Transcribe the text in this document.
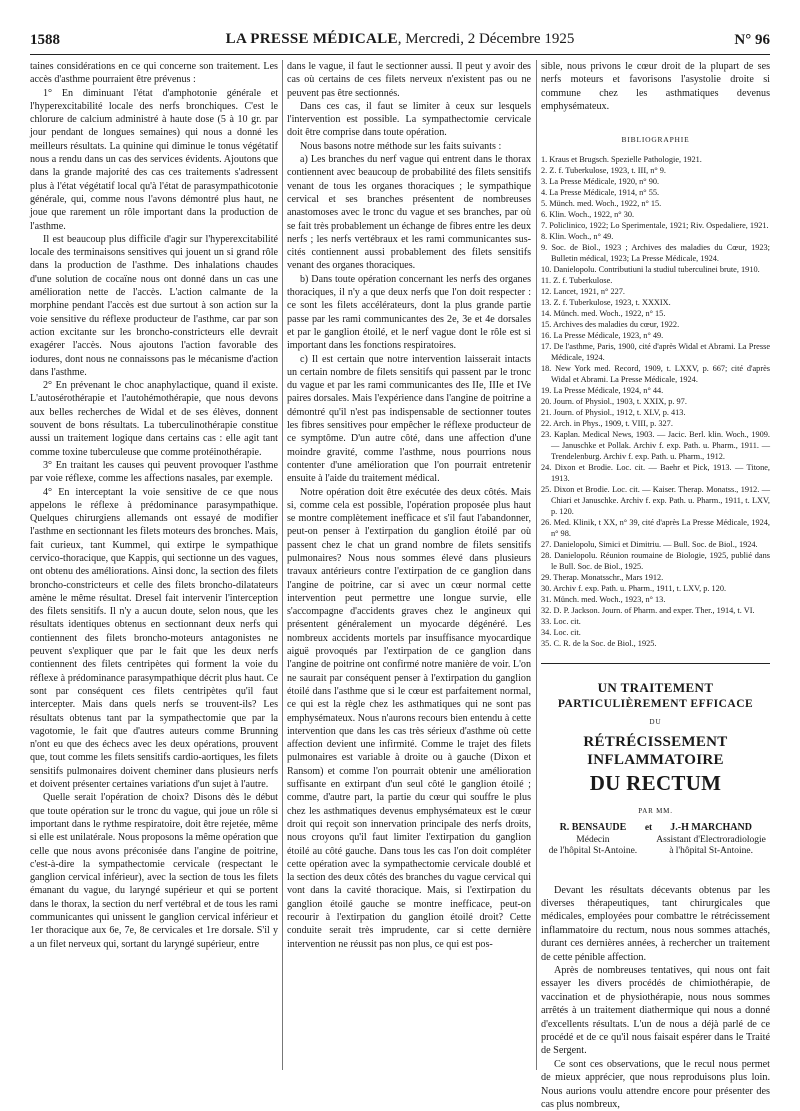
1588	LA PRESSE MÉDICALE, Mercredi, 2 Décembre 1925	N° 96

taines considérations en ce qui concerne son traitement. Les accès d'asthme pourraient être prévenus :

1° En diminuant l'état d'amphotonie générale et l'hyperexcitabilité locale des nerfs bronchiques. C'est le chlorure de calcium administré à haute dose (5 à 10 gr. par jour pendant de longues semaines) qui nous a donné les meilleurs résultats. La quinine qui diminue le tonus végétatif nous a rendu dans un cas des services évidents. Ajoutons que dans la grande majorité des cas ces traitements s'adressent plus à l'état végétatif local qu'à l'état de parasympathicotonie générale, qui, comme nous l'avons démontré plus haut, ne joue que rarement un rôle important dans la production de l'asthme.

Il est beaucoup plus difficile d'agir sur l'hyperexcitabilité locale des terminaisons sensitives qui jouent un si grand rôle dans la production de l'asthme. Des inhalations chaudes d'une solution de cocaïne nous ont donné dans un cas une amélioration nette de l'accès. L'action calmante de la morphine pendant l'accès est due surtout à son action sur la voie sensitive du réflexe producteur de l'asthme, car par son action excitante sur les broncho-constricteurs elle devrait exagérer l'accès. Nous ajoutons l'action favorable des iodures, dont nous ne connaissons pas le mécanisme d'action dans l'asthme.

2° En prévenant le choc anaphylactique, quand il existe. L'autosérothérapie et l'autohémothérapie, que nous devons aux belles recherches de Widal et de ses élèves, donnent souvent de bons résultats. La tuberculinothérapie constitue aussi un traitement logique dans certains cas : elle agit tant comme toxine tuberculeuse que comme protéinothérapie.

3° En traitant les causes qui peuvent provoquer l'asthme par voie réflexe, comme les affections nasales, par exemple.

4° En interceptant la voie sensitive de ce que nous appelons le réflexe à prédominance parasympathique. Quelques chirurgiens allemands ont essayé de modifier l'asthme en sectionnant les filets moteurs des bronches. Mais, fait curieux, tant Kummel, qui extirpe le sympathique cervico-thoracique, que Kappis, qui sectionne un des vagues, ont obtenu des améliorations. Ainsi donc, la section des filets broncho-constricteurs et celle des filets broncho-dilatateurs amène le même résultat. Dresel fait intervenir l'interception des filets sensitifs. Il n'y a aucun doute, selon nous, que les résultats identiques obtenus en sectionnant deux nerfs qui contiennent des filets broncho-moteurs antagonistes ne peuvent s'expliquer que par le fait que les deux nerfs contiennent des filets centripètes qui forment la voie du réflexe à prédominance parasympathique décrit plus haut. Ce sont par conséquent ces filets centripètes qu'il faut intercepter. Mais dans quels nerfs se trouvent-ils? Les résultats obtenus tant par la sympathectomie que par la vagotomie, le fait que d'autres auteurs comme Brunning n'ont eu que des échecs avec les deux opérations, prouvent que, tout comme les filets sensitifs cardio-aortiques, les filets sensitifs pulmonaires doivent cheminer dans plusieurs nerfs et doivent présenter certaines variations d'un sujet à l'autre.

Quelle serait l'opération de choix? Disons dès le début que toute opération sur le tronc du vague, qui joue un rôle si important dans le rythme respiratoire, doit être rejetée, même si elle est unilatérale. Nous proposons la même opération que celle que nous avons préconisée dans l'angine de poitrine, c'est-à-dire la sympathectomie cervicale (respectant le ganglion cervical inférieur), avec la section de tous les filets émanant du vague, du laryngé supérieur et qui se portent dans le thorax, la section du nerf vertébral et de tous les rami communicantes qui unissent le ganglion cervical inférieur et 1er thoracique aux 6e, 7e, 8e cervicales et 1re dorsale. S'il y a un filet nerveux qui, sortant du laryngé supérieur, entre

dans le vague, il faut le sectionner aussi. Il peut y avoir des cas où certains de ces filets nerveux n'existent pas ou ne peuvent pas être sectionnés.

Dans ces cas, il faut se limiter à ceux sur lesquels l'intervention est possible. La sympathectomie cervicale doit être comprise dans toute opération.

Nous basons notre méthode sur les faits suivants :

a) Les branches du nerf vague qui entrent dans le thorax contiennent avec beaucoup de probabilité des filets sensitifs venant de tous les organes thoraciques ; le sympathique cervical et ses branches présentent de nombreuses anastomoses avec le tronc du vague et ses branches, par où se fait très probablement un échange de fibres entre les deux nerfs ; les nerfs vertébraux et les rami communicantes sus-cités contiennent aussi probablement des filets sensitifs venant des organes thoraciques.

b) Dans toute opération concernant les nerfs des organes thoraciques, il n'y a que deux nerfs que l'on doit respecter : ce sont les filets accélérateurs, dont la plus grande partie passe par les rami communicantes des 2e, 3e et 4e dorsales et par le ganglion étoilé, et le nerf vague dont le rôle est si important dans les fonctions respiratoires.

c) Il est certain que notre intervention laisserait intacts un certain nombre de filets sensitifs qui passent par le tronc du vague et par les rami communicantes des IIe, IIIe et IVe paires dorsales. Mais l'expérience dans l'angine de poitrine a démontré qu'il n'est pas indispensable de sectionner toutes les fibres sensitives pour empêcher le réflexe producteur de ce symptôme. D'un autre côté, dans une affection d'une moindre gravité, comme l'asthme, nous pourrions nous contenter d'une amélioration que l'on pourrait entretenir ensuite à l'aide du traitement médical.

Notre opération doit être exécutée des deux côtés. Mais si, comme cela est possible, l'opération proposée plus haut se montre complètement inefficace et s'il faut l'abandonner, peut-on penser à l'extirpation du ganglion étoilé par où passent chez le chat un grand nombre de filets sensitifs pulmonaires? Nous nous sommes élevé dans plusieurs travaux antérieurs contre l'extirpation de ce ganglion dans l'angine de poitrine, car si avec un cœur normal cette intervention peut permettre une longue survie, elle s'accompagne d'accidents graves chez le angineux qui présentent généralement un myocarde dégénéré. Les nombreux accidents mortels par insuffisance myocardique aiguë provoqués par l'extirpation de ce ganglion dans l'angine de poitrine ont confirmé notre manière de voir. L'on ne saurait par conséquent penser à l'extirpation du ganglion étoilé dans l'asthme que si le cœur est parfaitement normal, ce qui est la règle chez les asthmatiques qui ne sont pas emphysémateux. Nous n'aurons recours bien entendu à cette intervention que dans les cas très sérieux d'asthme où cette affection devient une infirmité. Comme le trajet des filets pulmonaires est variable à droite ou à gauche (Dixon et Ransom) et comme l'on pourrait obtenir une amélioration suffisante en extirpant d'un seul côté le ganglion étoilé ; comme, d'autre part, la partie du cœur qui souffre le plus chez les asthmatiques devenus emphysémateux est le cœur droit qui reçoit son innervation principale des nerfs droits, nous croyons qu'il faut limiter l'extirpation du ganglion étoilé au côté gauche. Dans tous les cas l'on doit compléter cette opération avec la sympathectomie cervicale doublé et la section des deux côtés des branches du vague cervical qui vont dans la cavité thoracique. Mais, si l'extirpation du ganglion étoilé gauche se montre inefficace, peut-on recourir à l'extirpation du ganglion étoilé droit? Cette conduite serait très imprudente, car si cette dernière intervention ne réussit pas non plus, ce qui est pos-

sible, nous privons le cœur droit de la plupart de ses nerfs moteurs et favorisons l'asystolie droite si commune chez les asthmatiques devenus emphysémateux.

BIBLIOGRAPHIE
1. Kraus et Brugsch. Spezielle Pathologie, 1921.
2. Z. f. Tuberkulose, 1923, t. III, n° 9.
3. La Presse Médicale, 1920, n° 90.
4. La Presse Médicale, 1914, n° 55.
5. Münch. med. Woch., 1922, n° 15.
6. Klin. Woch., 1922, n° 30.
7. Policlinico, 1922; Lo Sperimentale, 1921; Riv. Ospedaliere, 1921.
8. Klin. Woch., n° 49.
9. Soc. de Biol., 1923 ; Archives des maladies du Cœur, 1923; Bulletin médical, 1923; La Presse Médicale, 1924.
10. Danielopolu. Contributiuni la studiul tuberculinei brute, 1910.
11. Z. f. Tuberkulose.
12. Lancet, 1921, n° 227.
13. Z. f. Tuberkulose, 1923, t. XXXIX.
14. Münch. med. Woch., 1922, n° 15.
15. Archives des maladies du cœur, 1922.
16. La Presse Médicale, 1923, n° 49.
17. De l'asthme, Paris, 1900, cité d'après Widal et Abrami. La Presse Médicale, 1924.
18. New York med. Record, 1909, t. LXXV, p. 667; cité d'après Widal et Abrami. La Presse Médicale, 1924.
19. La Presse Médicale, 1924, n° 44.
20. Journ. of Physiol., 1903, t. XXIX, p. 97.
21. Journ. of Physiol., 1912, t. XLV, p. 413.
22. Arch. in Phys., 1909, t. VIII, p. 327.
23. Kaplan. Medical News, 1903. — Jacic. Berl. klin. Woch., 1909. — Januschke et Pollak. Archiv f. exp. Path. u. Pharm., 1911. — Trendelenburg. Archiv f. exp. Path. u. Pharm., 1912.
24. Dixon et Brodie. Loc. cit. — Baehr et Pick, 1913. — Titone, 1913.
25. Dixon et Brodie. Loc. cit. — Kaiser. Therap. Monatss., 1912. — Chiari et Januschke. Archiv f. exp. Path. u. Pharm., 1911, t. LXV, p. 120.
26. Med. Klinik, t XX, n° 39, cité d'après La Presse Médicale, 1924, n° 98.
27. Danielopolu, Simici et Dimitriu. — Bull. Soc. de Biol., 1924.
28. Danielopolu. Réunion roumaine de Biologie, 1925, publié dans le Bull. Soc. de Biol., 1925.
29. Therap. Monatsschr., Mars 1912.
30. Archiv f. exp. Path. u. Pharm., 1911, t. LXV, p. 120.
31. Münch. med. Woch., 1923, n° 13.
32. D. P. Jackson. Journ. of Pharm. and exper. Ther., 1914, t. VI.
33. Loc. cit.
34. Loc. cit.
35. C. R. de la Soc. de Biol., 1925.
UN TRAITEMENT
PARTICULIÈREMENT EFFICACE
DU
RÉTRÉCISSEMENT INFLAMMATOIRE
DU RECTUM
PAR MM.
R. BENSAUDE
Médecin
de l'hôpital St-Antoine.
et	J.-H MARCHAND
Assistant d'Electroradiologie
à l'hôpital St-Antoine.

Devant les résultats décevants obtenus par les diverses thérapeutiques, tant chirurgicales que médicales, employées pour combattre le rétrécissement inflammatoire du rectum, nous nous sommes attachés, durant ces dernières années, à rechercher un traitement de cette pénible affection.

Après de nombreuses tentatives, qui nous ont fait essayer les divers procédés de chimiothérapie, de vaccination et de physiothérapie, nous nous sommes arrêtés à un traitement diathermique qui nous a donné d'excellents résultats. L'un de nous a déjà parlé de ce procédé et de ce qu'il nous faisait espérer dans le Traité de Sergent.

Ce sont ces observations, que le recul nous permet de mieux apprécier, que nous reproduisons plus loin. Nous aurions voulu attendre encore pour présenter des cas plus nombreux,
